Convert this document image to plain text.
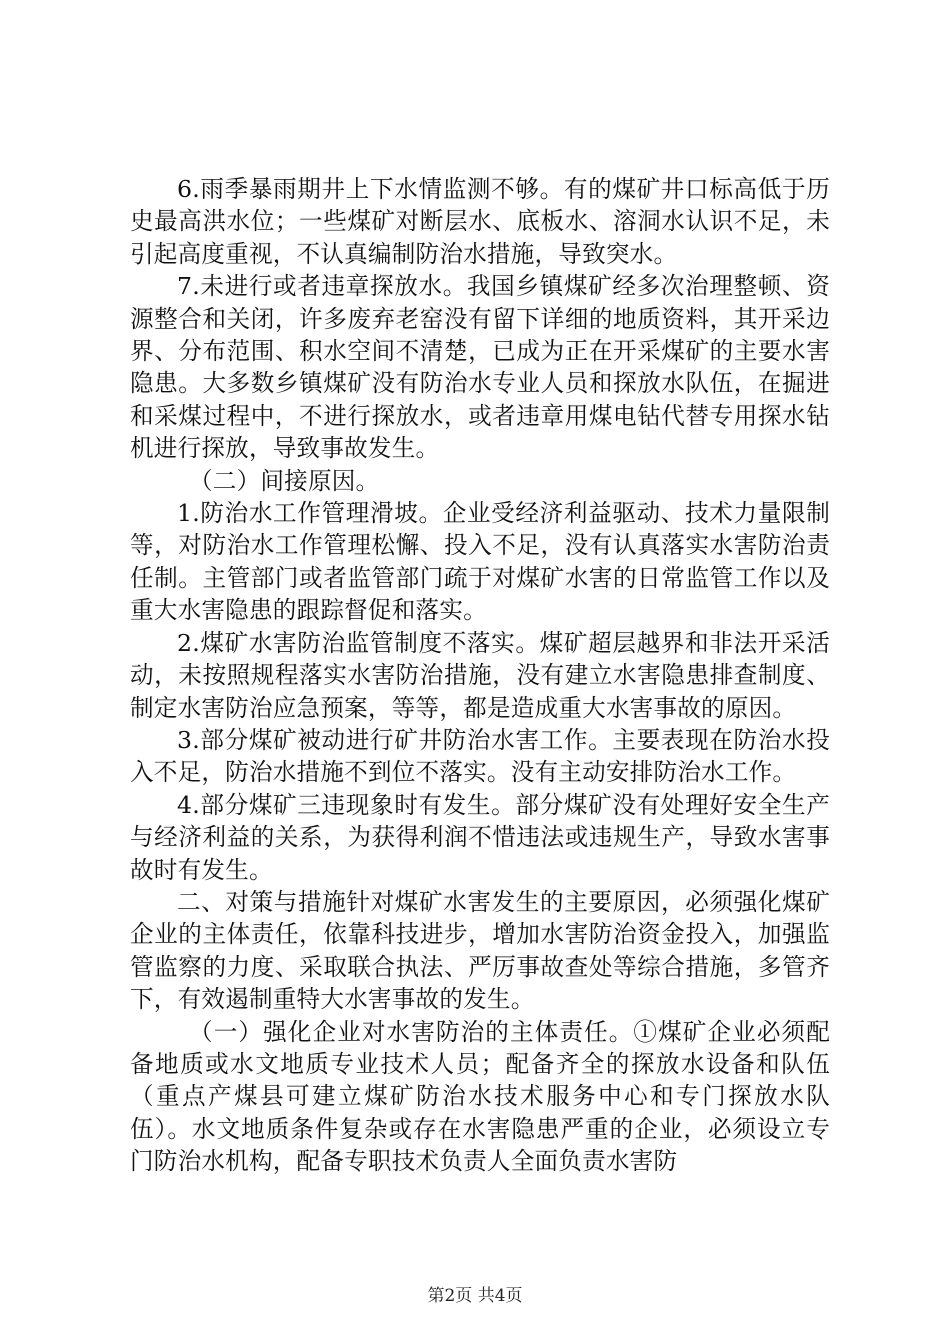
6.雨季暴雨期井上下水情监测不够。有的煤矿井口标高低于历史最高洪水位；一些煤矿对断层水、底板水、溶洞水认识不足，未引起高度重视，不认真编制防治水措施，导致突水。

7.未进行或者违章探放水。我国乡镇煤矿经多次治理整顿、资源整合和关闭，许多废弃老窑没有留下详细的地质资料，其开采边界、分布范围、积水空间不清楚，已成为正在开采煤矿的主要水害隐患。大多数乡镇煤矿没有防治水专业人员和探放水队伍，在掘进和采煤过程中，不进行探放水，或者违章用煤电钻代替专用探水钻机进行探放，导致事故发生。

（二）间接原因。

1.防治水工作管理滑坡。企业受经济利益驱动、技术力量限制等，对防治水工作管理松懈、投入不足，没有认真落实水害防治责任制。主管部门或者监管部门疏于对煤矿水害的日常监管工作以及重大水害隐患的跟踪督促和落实。

2.煤矿水害防治监管制度不落实。煤矿超层越界和非法开采活动，未按照规程落实水害防治措施，没有建立水害隐患排查制度、制定水害防治应急预案，等等，都是造成重大水害事故的原因。

3.部分煤矿被动进行矿井防治水害工作。主要表现在防治水投入不足，防治水措施不到位不落实。没有主动安排防治水工作。

4.部分煤矿三违现象时有发生。部分煤矿没有处理好安全生产与经济利益的关系，为获得利润不惜违法或违规生产，导致水害事故时有发生。

二、对策与措施针对煤矿水害发生的主要原因，必须强化煤矿企业的主体责任，依靠科技进步，增加水害防治资金投入，加强监管监察的力度、采取联合执法、严厉事故查处等综合措施，多管齐下，有效遏制重特大水害事故的发生。

（一）强化企业对水害防治的主体责任。①煤矿企业必须配备地质或水文地质专业技术人员；配备齐全的探放水设备和队伍（重点产煤县可建立煤矿防治水技术服务中心和专门探放水队伍）。水文地质条件复杂或存在水害隐患严重的企业，必须设立专门防治水机构，配备专职技术负责人全面负责水害防

第2页 共4页
